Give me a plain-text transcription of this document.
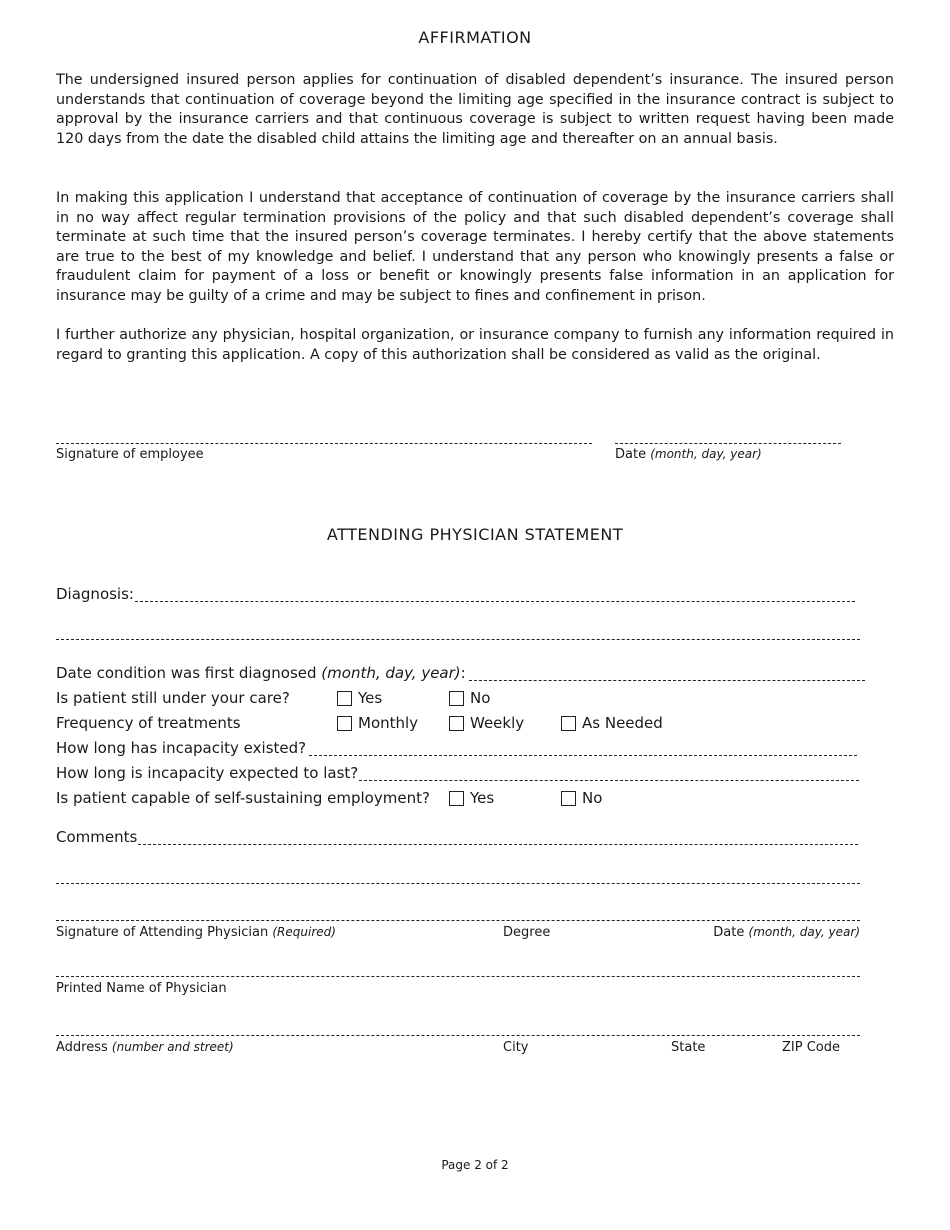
AFFIRMATION
The undersigned insured person applies for continuation of disabled dependent’s insurance. The insured person understands that continuation of coverage beyond the limiting age specified in the insurance contract is subject to approval by the insurance carriers and that continuous coverage is subject to written request having been made 120 days from the date the disabled child attains the limiting age and thereafter on an annual basis.
In making this application I understand that acceptance of continuation of coverage by the insurance carriers shall in no way affect regular termination provisions of the policy and that such disabled dependent’s coverage shall terminate at such time that the insured person’s coverage terminates. I hereby certify that the above statements are true to the best of my knowledge and belief. I understand that any person who knowingly presents a false or fraudulent claim for payment of a loss or benefit or knowingly presents false information in an application for insurance may be guilty of a crime and may be subject to fines and confinement in prison.
I further authorize any physician, hospital organization, or insurance company to furnish any information required in regard to granting this application. A copy of this authorization shall be considered as valid as the original.
Signature of employee	Date (month, day, year)
ATTENDING PHYSICIAN STATEMENT
Diagnosis:
Date condition was first diagnosed (month, day, year):
Is patient still under your care?	Yes	No
Frequency of treatments	Monthly	Weekly	As Needed
How long has incapacity existed?
How long is incapacity expected to last?
Is patient capable of self-sustaining employment?	Yes	No
Comments
Signature of Attending Physician (Required)	Degree	Date (month, day, year)
Printed Name of Physician
Address (number and street)	City	State	ZIP Code
Page 2 of 2
